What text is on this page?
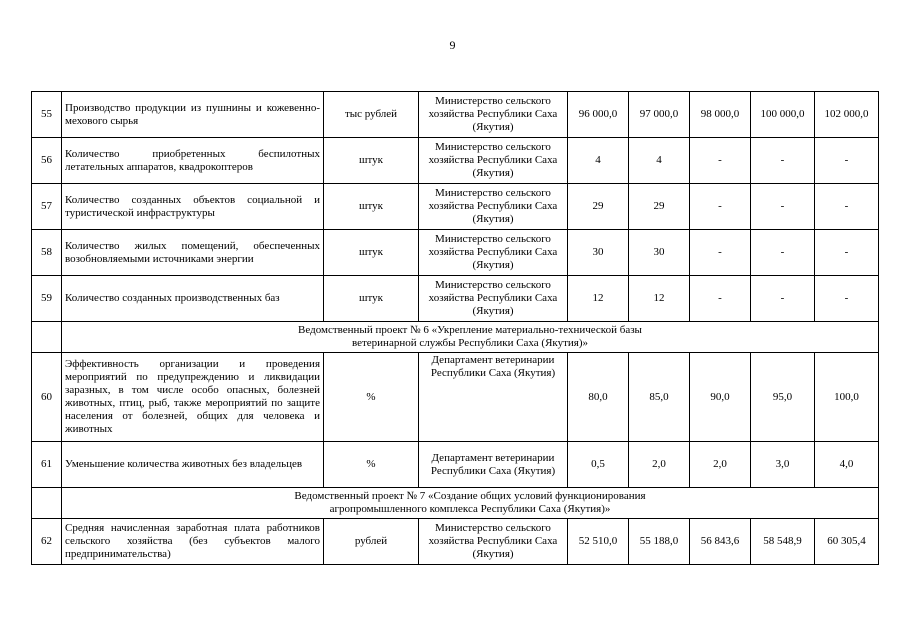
9
55	Производство продукции из пушнины и кожевенно-мехового сырья	тыс рублей	Министерство сельского хозяйства Республики Саха (Якутия)	96 000,0	97 000,0	98 000,0	100 000,0	102 000,0
56	Количество приобретенных беспилотных летательных аппаратов, квадрокоптеров	штук	Министерство сельского хозяйства Республики Саха (Якутия)	4	4	-	-	-
57	Количество созданных объектов социальной и туристической инфраструктуры	штук	Министерство сельского хозяйства Республики Саха (Якутия)	29	29	-	-	-
58	Количество жилых помещений, обеспеченных возобновляемыми источниками энергии	штук	Министерство сельского хозяйства Республики Саха (Якутия)	30	30	-	-	-
59	Количество созданных производственных баз	штук	Министерство сельского хозяйства Республики Саха (Якутия)	12	12	-	-	-

	Ведомственный проект № 6 «Укрепление материально-технической базы
ветеринарной службы Республики Саха (Якутия)»							

60	Эффективность организации и проведения мероприятий по предупреждению и ликвидации заразных, в том числе особо опасных, болезней животных, птиц, рыб, также мероприятий по защите населения от болезней, общих для человека и животных	%	Департамент ветеринарии Республики Саха (Якутия)	80,0	85,0	90,0	95,0	100,0
61	Уменьшение количества животных без владельцев	%	Департамент ветеринарии Республики Саха (Якутия)	0,5	2,0	2,0	3,0	4,0

	Ведомственный проект № 7 «Создание общих условий функционирования
агропромышленного комплекса Республики Саха (Якутия)»							

62	Средняя начисленная заработная плата работников сельского хозяйства (без субъектов малого предпринимательства)	рублей	Министерство сельского хозяйства Республики Саха (Якутия)	52 510,0	55 188,0	56 843,6	58 548,9	60 305,4
